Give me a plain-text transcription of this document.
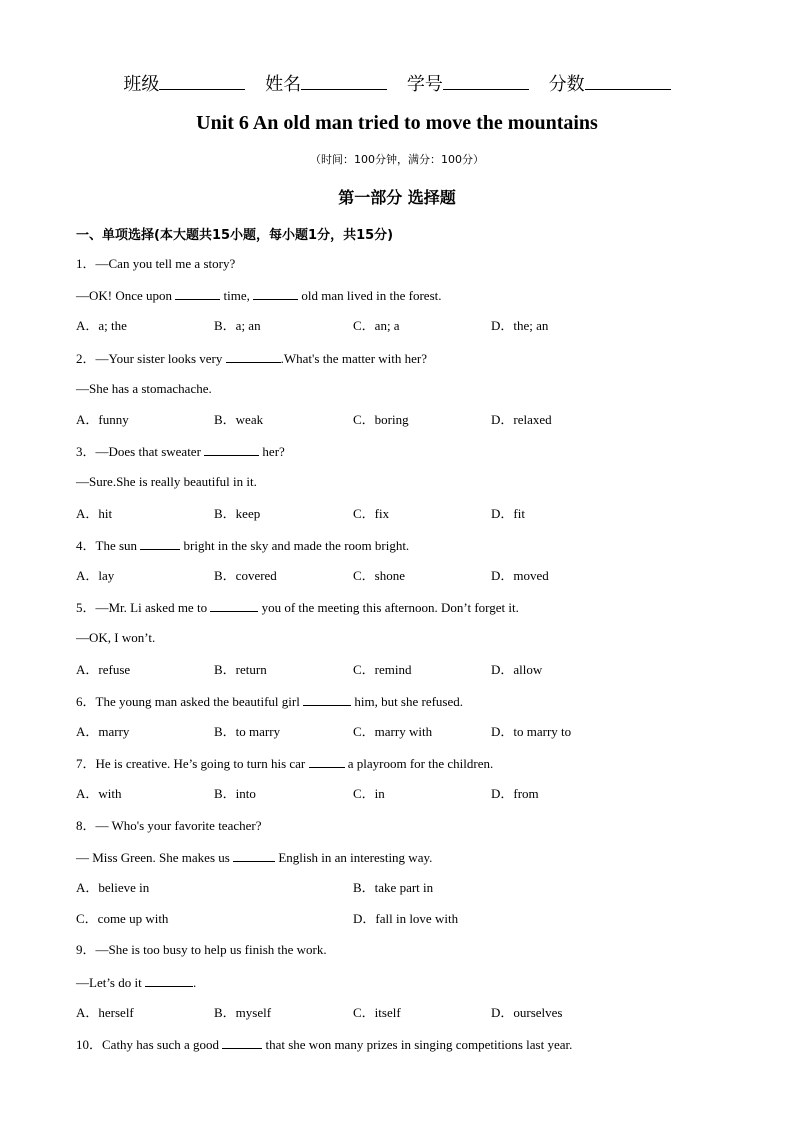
班级	姓名	学号	分数
Unit 6 An old man tried to move the mountains
（时间：100分钟，满分：100分）
第一部分 选择题
一、单项选择(本大题共15小题，每小题1分，共15分)
1．—Can you tell me a story?
—OK! Once upon	time,	old man lived in the forest.
A．a; the	B．a; an	C．an; a	D．the; an
2．—Your sister looks very	.What's the matter with her?
—She has a stomachache.
A．funny	B．weak	C．boring	D．relaxed
3．—Does that sweater	her?
—Sure.She is really beautiful in it.
A．hit	B．keep	C．fix	D．fit
4．The sun	bright in the sky and made the room bright.
A．lay	B．covered	C．shone	D．moved
5．—Mr. Li asked me to	you of the meeting this afternoon. Don’t forget it.
—OK, I won’t.
A．refuse	B．return	C．remind	D．allow
6．The young man asked the beautiful girl	him, but she refused.
A．marry	B．to marry	C．marry with	D．to marry to
7．He is creative. He’s going to turn his car	a playroom for the children.
A．with	B．into	C．in	D．from
8．— Who's your favorite teacher?
— Miss Green. She makes us	English in an interesting way.
A．believe in	B．take part in
C．come up with	D．fall in love with
9．—She is too busy to help us finish the work.
—Let’s do it	.
A．herself	B．myself	C．itself	D．ourselves
10．Cathy has such a good	that she won many prizes in singing competitions last year.
